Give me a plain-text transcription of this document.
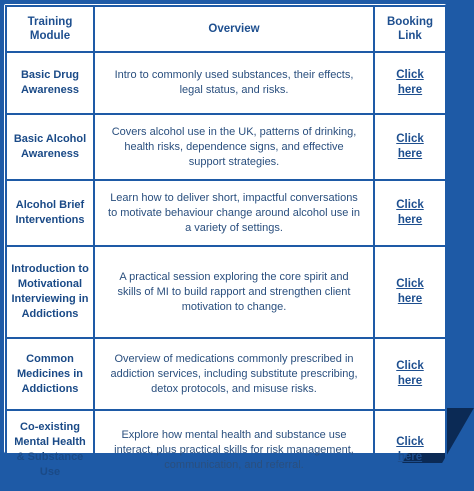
Training
Module	Overview	Booking
Link

Basic Drug
Awareness	Intro to commonly used substances, their effects,
legal status, and risks.	Click
here

Basic Alcohol
Awareness	Covers alcohol use in the UK, patterns of drinking,
health risks, dependence signs, and effective
support strategies.	Click
here

Alcohol Brief
Interventions	Learn how to deliver short, impactful conversations
to motivate behaviour change around alcohol use in
a variety of settings.	Click
here

Introduction to
Motivational
Interviewing in
Addictions	A practical session exploring the core spirit and
skills of MI to build rapport and strengthen client
motivation to change.	Click
here

Common
Medicines in
Addictions	Overview of medications commonly prescribed in
addiction services, including substitute prescribing,
detox protocols, and misuse risks.	Click
here

Co-existing
Mental Health
& Substance
Use	Explore how mental health and substance use
interact, plus practical skills for risk management,
communication, and referral.	Click
here
